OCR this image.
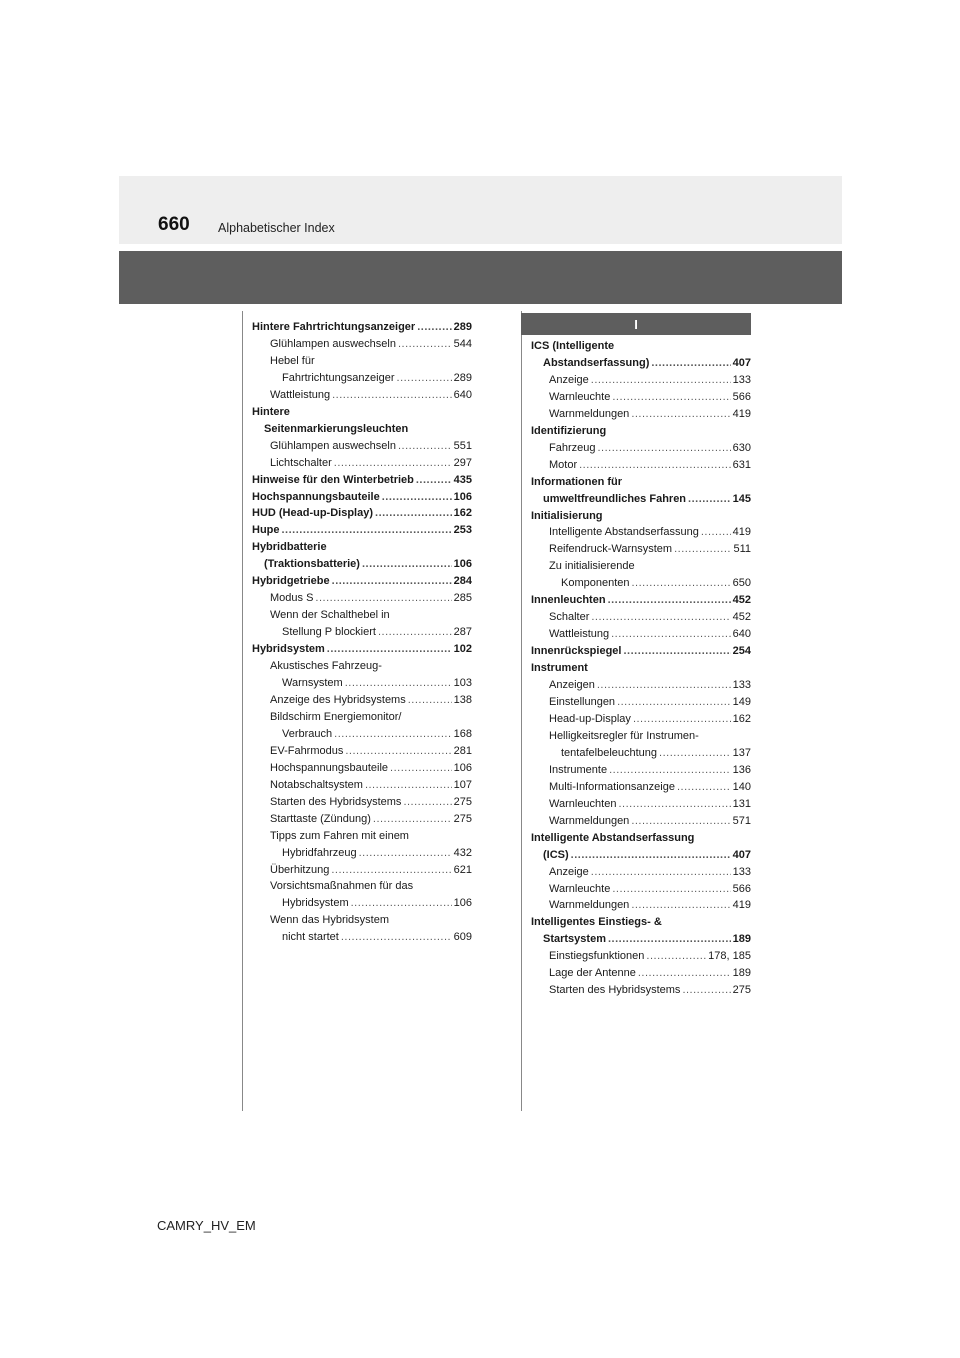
660 Alphabetischer Index
I
Hintere Fahrtrichtungsanzeiger .....	289
Glühlampen auswechseln .....	544
Hebel für
Fahrtrichtungsanzeiger .....	289
Wattleistung .....	640
Hintere
Seitenmarkierungsleuchten
Glühlampen auswechseln .....	551
Lichtschalter .....	297
Hinweise für den Winterbetrieb .....	435
Hochspannungsbauteile .....	106
HUD (Head-up-Display) .....	162
Hupe .....	253
Hybridbatterie
(Traktionsbatterie) .....	106
Hybridgetriebe .....	284
Modus S .....	285
Wenn der Schalthebel in
Stellung P blockiert .....	287
Hybridsystem .....	102
Akustisches Fahrzeug-
Warnsystem .....	103
Anzeige des Hybridsystems .....	138
Bildschirm Energiemonitor/
Verbrauch .....	168
EV-Fahrmodus .....	281
Hochspannungsbauteile .....	106
Notabschaltsystem .....	107
Starten des Hybridsystems .....	275
Starttaste (Zündung) .....	275
Tipps zum Fahren mit einem
Hybridfahrzeug .....	432
Überhitzung .....	621
Vorsichtsmaßnahmen für das
Hybridsystem .....	106
Wenn das Hybridsystem
nicht startet .....	609
ICS (Intelligente
Abstandserfassung) .....	407
Anzeige .....	133
Warnleuchte .....	566
Warnmeldungen .....	419
Identifizierung
Fahrzeug .....	630
Motor .....	631
Informationen für
umweltfreundliches Fahren .....	145
Initialisierung
Intelligente Abstandserfassung .....	419
Reifendruck-Warnsystem .....	511
Zu initialisierende
Komponenten .....	650
Innenleuchten .....	452
Schalter .....	452
Wattleistung .....	640
Innenrückspiegel .....	254
Instrument
Anzeigen .....	133
Einstellungen .....	149
Head-up-Display .....	162
Helligkeitsregler für Instrumen-
tentafelbeleuchtung .....	137
Instrumente .....	136
Multi-Informationsanzeige .....	140
Warnleuchten .....	131
Warnmeldungen .....	571
Intelligente Abstandserfassung
(ICS) .....	407
Anzeige .....	133
Warnleuchte .....	566
Warnmeldungen .....	419
Intelligentes Einstiegs- &
Startsystem .....	189
Einstiegsfunktionen .....	178, 185
Lage der Antenne .....	189
Starten des Hybridsystems .....	275
CAMRY_HV_EM
